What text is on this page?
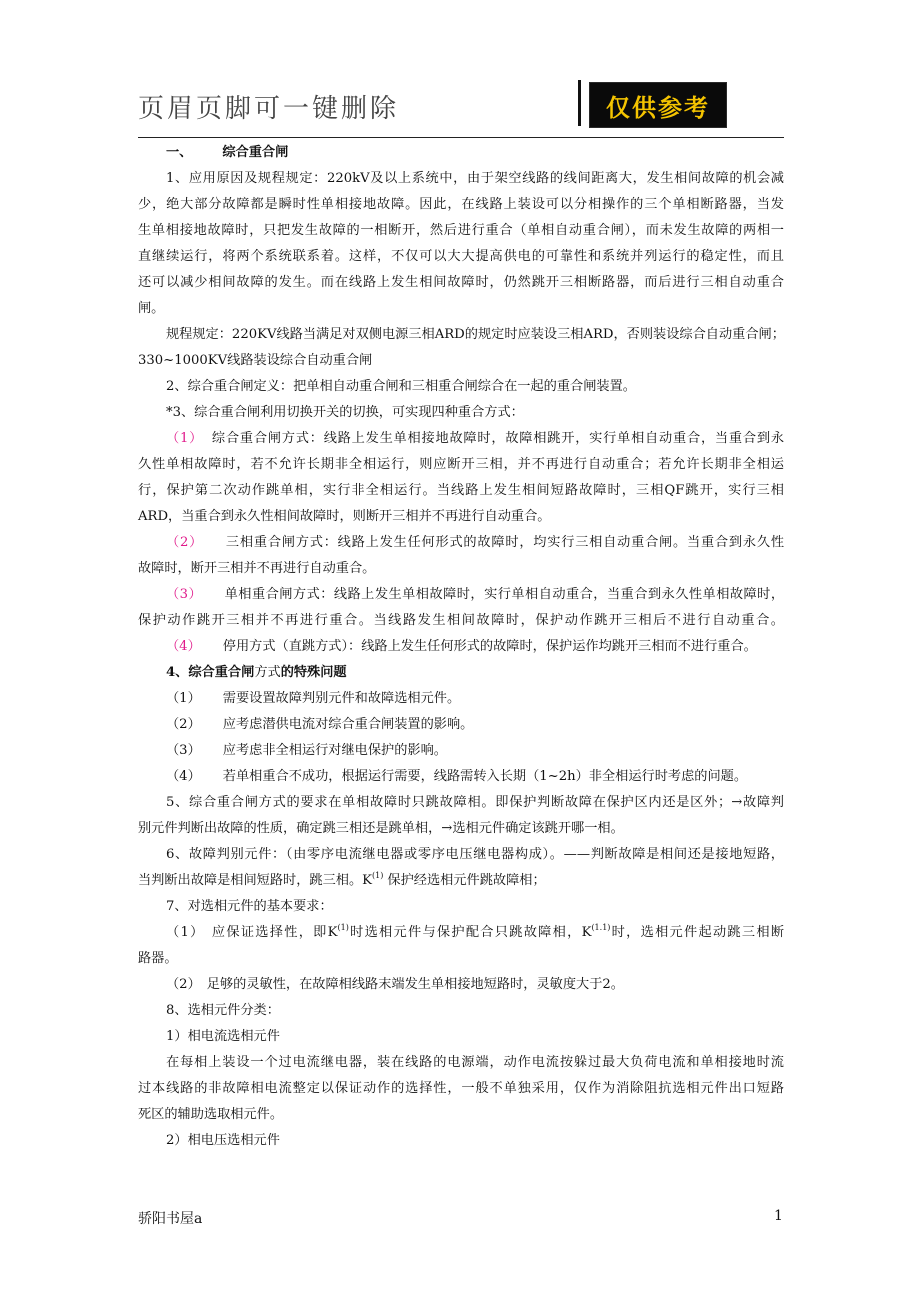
页眉页脚可一键删除	仅供参考
一、 综合重合闸
1、应用原因及规程规定：220kV及以上系统中，由于架空线路的线间距离大，发生相间故障的机会减
少，绝大部分故障都是瞬时性单相接地故障。因此，在线路上装设可以分相操作的三个单相断路器，当发
生单相接地故障时，只把发生故障的一相断开，然后进行重合（单相自动重合闸），而未发生故障的两相一
直继续运行，将两个系统联系着。这样，不仅可以大大提高供电的可靠性和系统并列运行的稳定性，而且
还可以减少相间故障的发生。而在线路上发生相间故障时，仍然跳开三相断路器，而后进行三相自动重合
闸。
规程规定：220KV线路当满足对双侧电源三相ARD的规定时应装设三相ARD，否则装设综合自动重合闸；
330~1000KV线路装设综合自动重合闸
2、综合重合闸定义：把单相自动重合闸和三相重合闸综合在一起的重合闸装置。
*3、综合重合闸利用切换开关的切换，可实现四种重合方式：
（1） 综合重合闸方式：线路上发生单相接地故障时，故障相跳开，实行单相自动重合，当重合到永
久性单相故障时，若不允许长期非全相运行，则应断开三相，并不再进行自动重合；若允许长期非全相运
行，保护第二次动作跳单相，实行非全相运行。当线路上发生相间短路故障时，三相QF跳开，实行三相
ARD，当重合到永久性相间故障时，则断开三相并不再进行自动重合。
（2） 三相重合闸方式：线路上发生任何形式的故障时，均实行三相自动重合闸。当重合到永久性
故障时，断开三相并不再进行自动重合。
（3） 单相重合闸方式：线路上发生单相故障时，实行单相自动重合，当重合到永久性单相故障时，
保护动作跳开三相并不再进行重合。当线路发生相间故障时，保护动作跳开三相后不进行自动重合。
（4） 停用方式（直跳方式）：线路上发生任何形式的故障时，保护运作均跳开三相而不进行重合。
4、综合重合闸方式的特殊问题
（1） 需要设置故障判别元件和故障选相元件。
（2） 应考虑潜供电流对综合重合闸装置的影响。
（3） 应考虑非全相运行对继电保护的影响。
（4） 若单相重合不成功，根据运行需要，线路需转入长期（1~2h）非全相运行时考虑的问题。
5、综合重合闸方式的要求在单相故障时只跳故障相。即保护判断故障在保护区内还是区外；→故障判
别元件判断出故障的性质，确定跳三相还是跳单相，→选相元件确定该跳开哪一相。
6、故障判别元件：（由零序电流继电器或零序电压继电器构成）。——判断故障是相间还是接地短路，
当判断出故障是相间短路时，跳三相。$K^{(1)}$ 保护经选相元件跳故障相；
7、对选相元件的基本要求：
（1） 应保证选择性，即$K^{(1)}$时选相元件与保护配合只跳故障相，$K^{(1.1)}$时，选相元件起动跳三相断
路器。
（2） 足够的灵敏性，在故障相线路末端发生单相接地短路时，灵敏度大于2。
8、选相元件分类：
1）相电流选相元件
在每相上装设一个过电流继电器，装在线路的电源端，动作电流按躲过最大负荷电流和单相接地时流
过本线路的非故障相电流整定以保证动作的选择性，一般不单独采用，仅作为消除阻抗选相元件出口短路
死区的辅助选取相元件。
2）相电压选相元件
骄阳书屋a	1
